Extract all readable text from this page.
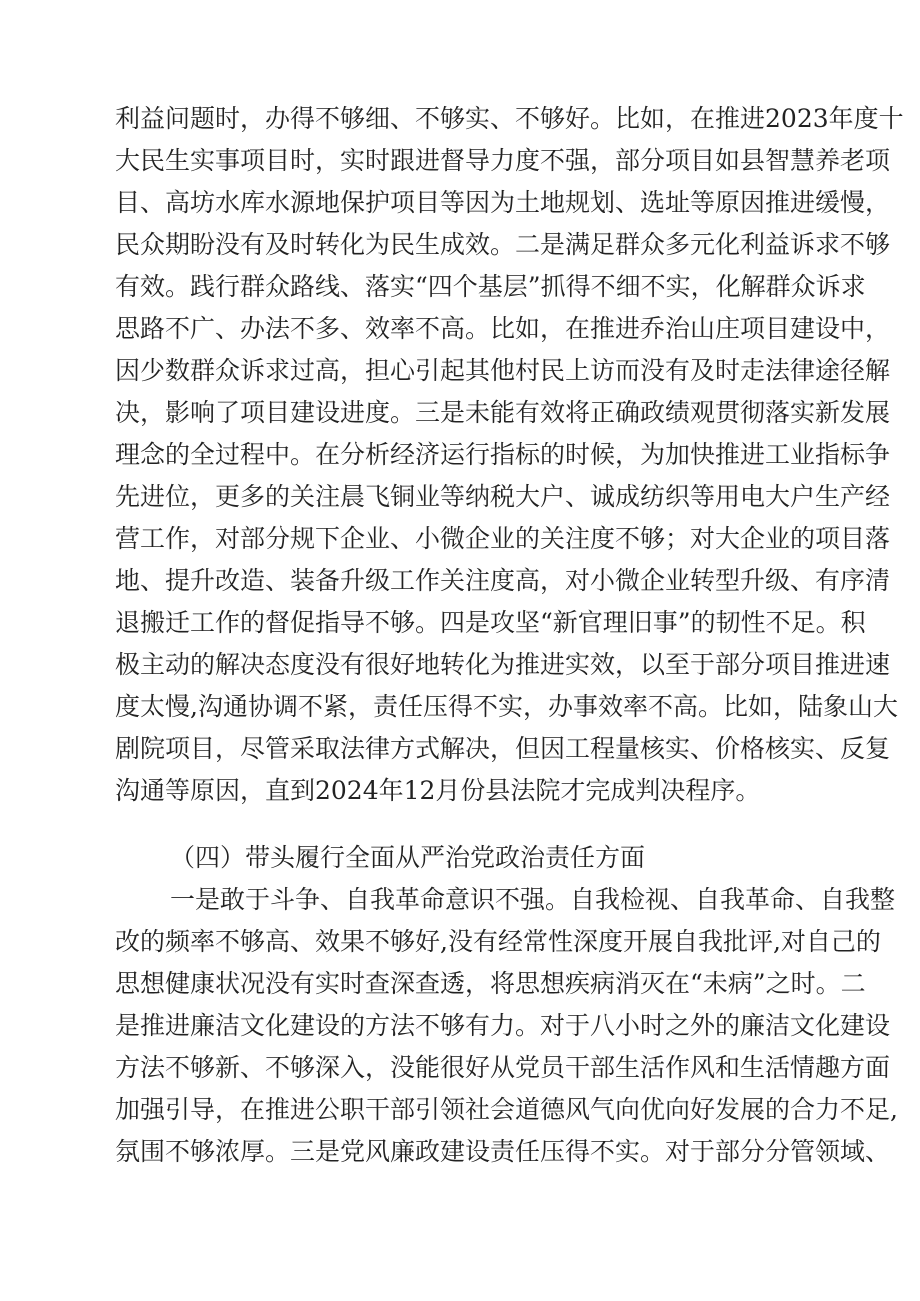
利益问题时，办得不够细、不够实、不够好。比如，在推进2023年度十
大民生实事项目时，实时跟进督导力度不强，部分项目如县智慧养老项
目、高坊水库水源地保护项目等因为土地规划、选址等原因推进缓慢，
民众期盼没有及时转化为民生成效。二是满足群众多元化利益诉求不够
有效。践行群众路线、落实“四个基层”抓得不细不实，化解群众诉求
思路不广、办法不多、效率不高。比如，在推进乔治山庄项目建设中，
因少数群众诉求过高，担心引起其他村民上访而没有及时走法律途径解
决，影响了项目建设进度。三是未能有效将正确政绩观贯彻落实新发展
理念的全过程中。在分析经济运行指标的时候，为加快推进工业指标争
先进位，更多的关注晨飞铜业等纳税大户、诚成纺织等用电大户生产经
营工作，对部分规下企业、小微企业的关注度不够；对大企业的项目落
地、提升改造、装备升级工作关注度高，对小微企业转型升级、有序清
退搬迁工作的督促指导不够。四是攻坚“新官理旧事”的韧性不足。积
极主动的解决态度没有很好地转化为推进实效，以至于部分项目推进速
度太慢,沟通协调不紧，责任压得不实，办事效率不高。比如，陆象山大
剧院项目，尽管采取法律方式解决，但因工程量核实、价格核实、反复
沟通等原因，直到2024年12月份县法院才完成判决程序。
（四）带头履行全面从严治党政治责任方面
一是敢于斗争、自我革命意识不强。自我检视、自我革命、自我整
改的频率不够高、效果不够好,没有经常性深度开展自我批评,对自己的
思想健康状况没有实时查深查透，将思想疾病消灭在“未病”之时。二
是推进廉洁文化建设的方法不够有力。对于八小时之外的廉洁文化建设
方法不够新、不够深入，没能很好从党员干部生活作风和生活情趣方面
加强引导，在推进公职干部引领社会道德风气向优向好发展的合力不足,
氛围不够浓厚。三是党风廉政建设责任压得不实。对于部分分管领域、
